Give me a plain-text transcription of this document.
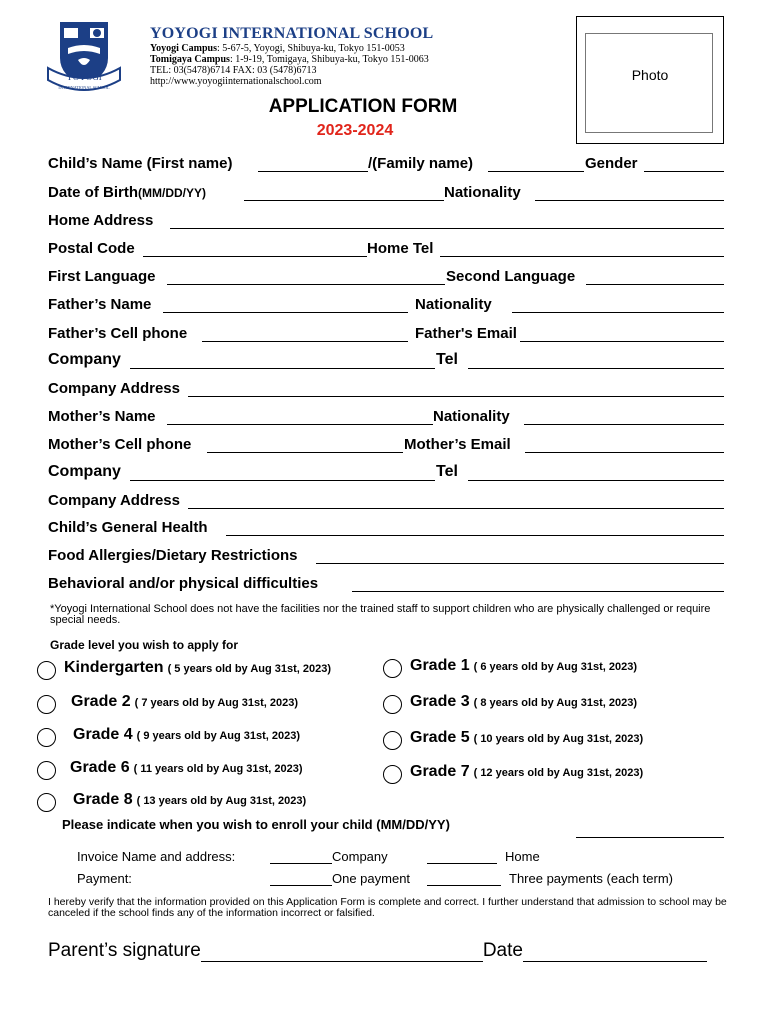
YOYOGI
INTERNATIONAL SCHOOL
YOYOGI INTERNATIONAL SCHOOL
Yoyogi Campus: 5-67-5, Yoyogi, Shibuya-ku, Tokyo 151-0053
Tomigaya Campus: 1-9-19, Tomigaya, Shibuya-ku, Tokyo 151-0063
TEL: 03(5478)6714 FAX: 03 (5478)6713
http://www.yoyogiinternationalschool.com	Photo
APPLICATION FORM
2023-2024
Child’s Name (First name)	/(Family name)	Gender
Date of Birth(MM/DD/YY)	Nationality
Home Address
Postal Code	Home Tel
First Language	Second Language
Father’s Name	Nationality
Father’s Cell phone	Father's Email
Company	Tel
Company Address
Mother’s Name	Nationality
Mother’s Cell phone	Mother’s Email
Company	Tel
Company Address
Child’s General Health
Food Allergies/Dietary Restrictions
Behavioral and/or physical difficulties
*Yoyogi International School does not have the facilities nor the trained staff to support children who are physically challenged or require special needs.
Grade level you wish to apply for
Kindergarten ( 5 years old by Aug 31st, 2023)	Grade 1 ( 6 years old by Aug 31st, 2023)
Grade 2 ( 7 years old by Aug 31st, 2023)	Grade 3 ( 8 years old by Aug 31st, 2023)
Grade 4 ( 9 years old by Aug 31st, 2023)	Grade 5 ( 10 years old by Aug 31st, 2023)
Grade 6 ( 11 years old by Aug 31st, 2023)	Grade 7 ( 12 years old by Aug 31st, 2023)
Grade 8 ( 13 years old by Aug 31st, 2023)
Please indicate when you wish to enroll your child (MM/DD/YY)
Invoice Name and address:	Company	Home
Payment:	One payment	Three payments (each term)
I hereby verify that the information provided on this Application Form is complete and correct. I further understand that admission to school may be canceled if the school finds any of the information incorrect or falsified.
Parent’s signature	Date
